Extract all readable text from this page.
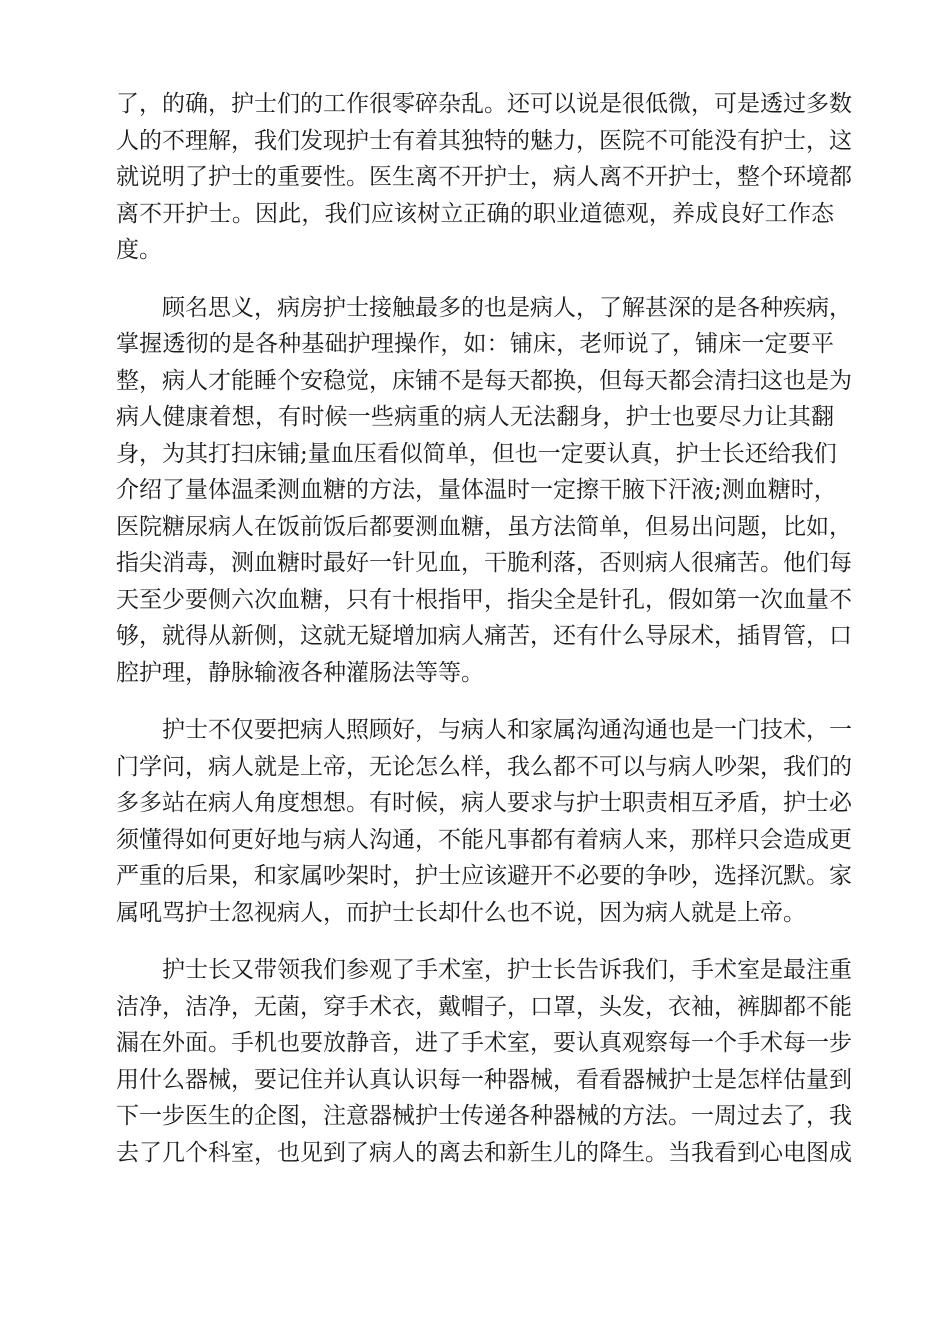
了，的确，护士们的工作很零碎杂乱。还可以说是很低微，可是透过多数
人的不理解，我们发现护士有着其独特的魅力，医院不可能没有护士，这
就说明了护士的重要性。医生离不开护士，病人离不开护士，整个环境都
离不开护士。因此，我们应该树立正确的职业道德观，养成良好工作态
度。
　　顾名思义，病房护士接触最多的也是病人，了解甚深的是各种疾病，
掌握透彻的是各种基础护理操作，如：铺床，老师说了，铺床一定要平
整，病人才能睡个安稳觉，床铺不是每天都换，但每天都会清扫这也是为
病人健康着想，有时候一些病重的病人无法翻身，护士也要尽力让其翻
身，为其打扫床铺;量血压看似简单，但也一定要认真，护士长还给我们
介绍了量体温柔测血糖的方法，量体温时一定擦干腋下汗液;测血糖时，
医院糖尿病人在饭前饭后都要测血糖，虽方法简单，但易出问题，比如，
指尖消毒，测血糖时最好一针见血，干脆利落，否则病人很痛苦。他们每
天至少要侧六次血糖，只有十根指甲，指尖全是针孔，假如第一次血量不
够，就得从新侧，这就无疑增加病人痛苦，还有什么导尿术，插胃管，口
腔护理，静脉输液各种灌肠法等等。
　　护士不仅要把病人照顾好，与病人和家属沟通沟通也是一门技术，一
门学问，病人就是上帝，无论怎么样，我么都不可以与病人吵架，我们的
多多站在病人角度想想。有时候，病人要求与护士职责相互矛盾，护士必
须懂得如何更好地与病人沟通，不能凡事都有着病人来，那样只会造成更
严重的后果，和家属吵架时，护士应该避开不必要的争吵，选择沉默。家
属吼骂护士忽视病人，而护士长却什么也不说，因为病人就是上帝。
　　护士长又带领我们参观了手术室，护士长告诉我们，手术室是最注重
洁净，洁净，无菌，穿手术衣，戴帽子，口罩，头发，衣袖，裤脚都不能
漏在外面。手机也要放静音，进了手术室，要认真观察每一个手术每一步
用什么器械，要记住并认真认识每一种器械，看看器械护士是怎样估量到
下一步医生的企图，注意器械护士传递各种器械的方法。一周过去了，我
去了几个科室，也见到了病人的离去和新生儿的降生。当我看到心电图成
